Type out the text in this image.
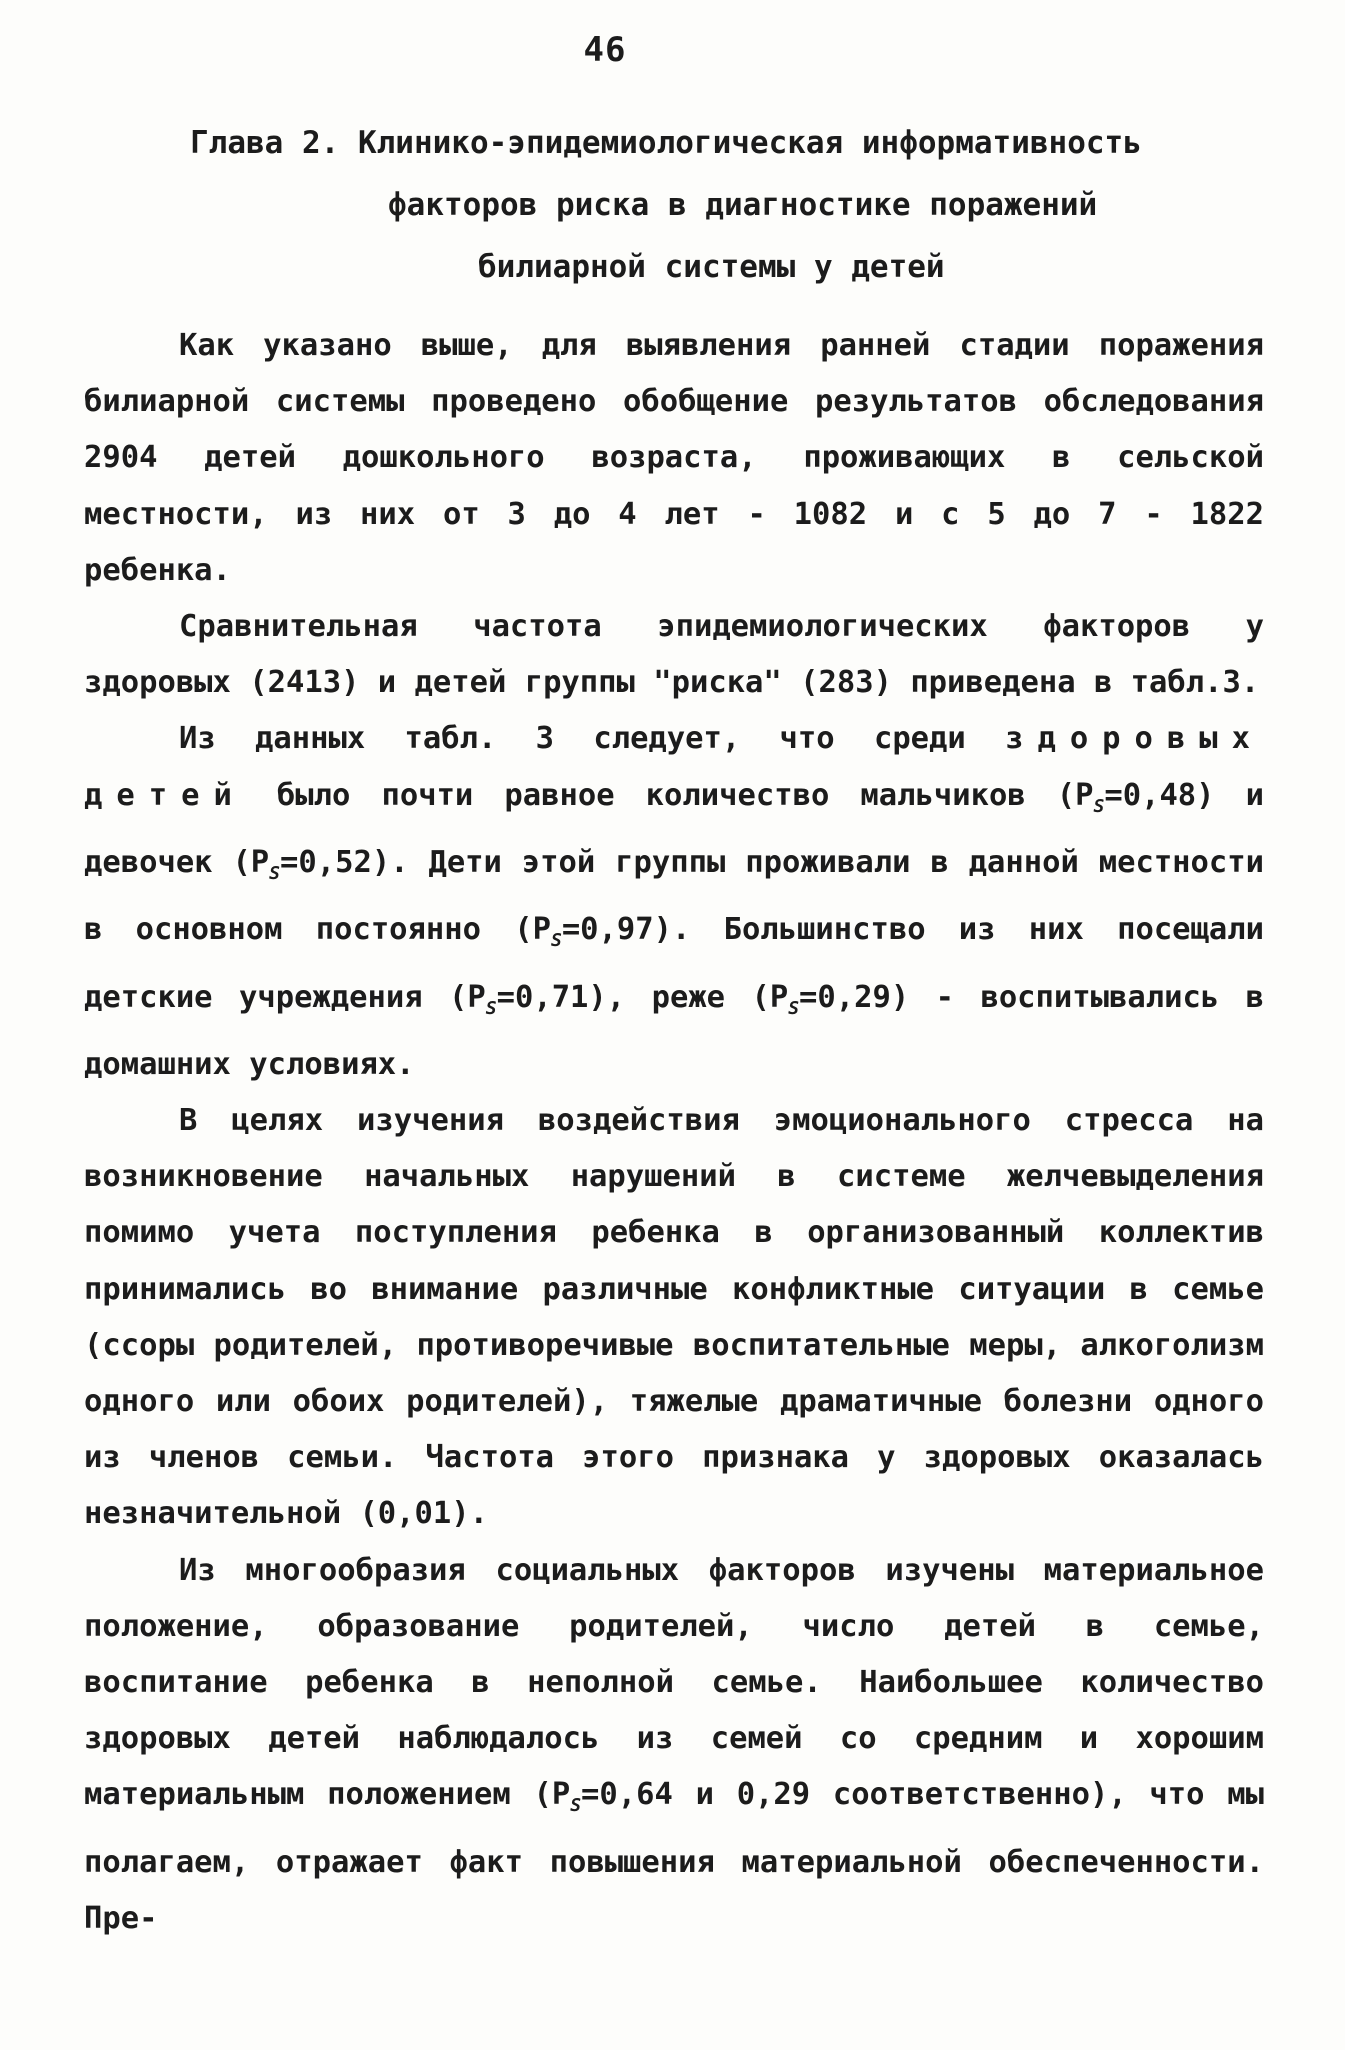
46
Глава 2. Клинико-эпидемиологическая информативность
факторов риска в диагностике поражений
билиарной системы у детей

Как указано выше, для выявления ранней стадии поражения билиарной системы проведено обобщение результатов обследования 2904 детей дошкольного возраста, проживающих в сельской местности, из них от 3 до 4 лет - 1082 и с 5 до 7 - 1822 ребенка.

Сравнительная частота эпидемиологических факторов у здоровых (2413) и детей группы "риска" (283) приведена в табл.3.

Из данных табл. 3 следует, что среди здоровых детей было почти равное количество мальчиков $(P_S=0,48)$ и девочек $(P_S=0,52)$. Дети этой группы проживали в данной местности в основном постоянно $(P_S=0,97)$. Большинство из них посещали детские учреждения $(P_S=0,71)$, реже $(P_S=0,29)$ - воспитывались в домашних условиях.

В целях изучения воздействия эмоционального стресса на возникновение начальных нарушений в системе желчевыделения помимо учета поступления ребенка в организованный коллектив принимались во внимание различные конфликтные ситуации в семье (ссоры родителей, противоречивые воспитательные меры, алкоголизм одного или обоих родителей), тяжелые драматичные болезни одного из членов семьи. Частота этого признака у здоровых оказалась незначительной (0,01).

Из многообразия социальных факторов изучены материальное положение, образование родителей, число детей в семье, воспитание ребенка в неполной семье. Наибольшее количество здоровых детей наблюдалось из семей со средним и хорошим материальным положением ($P_S=0,64$ и 0,29 соответственно), что мы полагаем, отражает факт повышения материальной обеспеченности. Пре-
